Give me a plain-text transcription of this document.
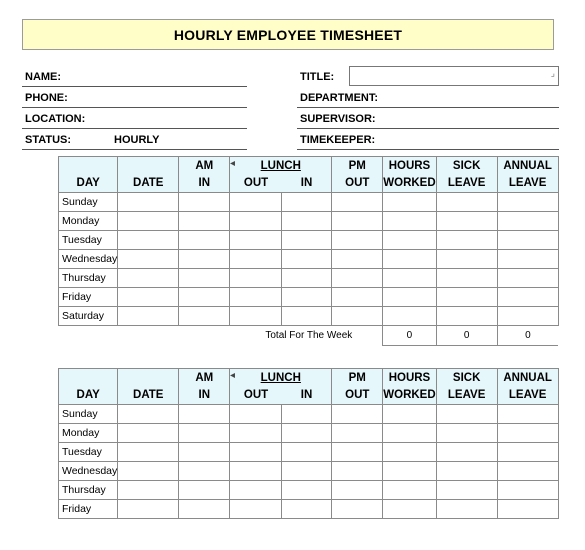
HOURLY EMPLOYEE TIMESHEET
NAME:
PHONE:
LOCATION:
STATUS:	HOURLY
TITLE:	⌟
DEPARTMENT:
SUPERVISOR:
TIMEKEEPER:
		AM	◀ LUNCH		PM	HOURS	SICK	ANNUAL
DAY	DATE	IN	OUT	IN	OUT	WORKED	LEAVE	LEAVE
Sunday								
Monday								
Tuesday								
Wednesday								
Thursday								
Friday								
Saturday								
Total For The Week						0	0	0
		AM	◀ LUNCH		PM	HOURS	SICK	ANNUAL
DAY	DATE	IN	OUT	IN	OUT	WORKED	LEAVE	LEAVE
Sunday								
Monday								
Tuesday								
Wednesday								
Thursday								
Friday								
